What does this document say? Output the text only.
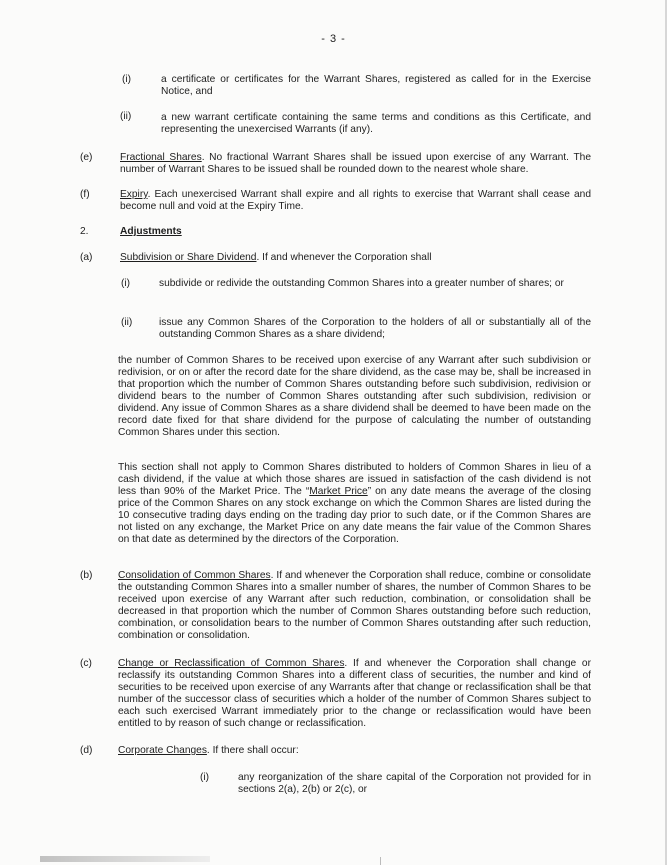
- 3 -
(i)	a certificate or certificates for the Warrant Shares, registered as called for in the Exercise Notice, and
(ii)	a new warrant certificate containing the same terms and conditions as this Certificate, and representing the unexercised Warrants (if any).
(e)	Fractional Shares. No fractional Warrant Shares shall be issued upon exercise of any Warrant. The number of Warrant Shares to be issued shall be rounded down to the nearest whole share.
(f)	Expiry. Each unexercised Warrant shall expire and all rights to exercise that Warrant shall cease and become null and void at the Expiry Time.
2.	Adjustments
(a)	Subdivision or Share Dividend. If and whenever the Corporation shall
(i)	subdivide or redivide the outstanding Common Shares into a greater number of shares; or
(ii)	issue any Common Shares of the Corporation to the holders of all or substantially all of the outstanding Common Shares as a share dividend;
the number of Common Shares to be received upon exercise of any Warrant after such subdivision or redivision, or on or after the record date for the share dividend, as the case may be, shall be increased in that proportion which the number of Common Shares outstanding before such subdivision, redivision or dividend bears to the number of Common Shares outstanding after such subdivision, redivision or dividend. Any issue of Common Shares as a share dividend shall be deemed to have been made on the record date fixed for that share dividend for the purpose of calculating the number of outstanding Common Shares under this section.
This section shall not apply to Common Shares distributed to holders of Common Shares in lieu of a cash dividend, if the value at which those shares are issued in satisfaction of the cash dividend is not less than 90% of the Market Price. The “Market Price” on any date means the average of the closing price of the Common Shares on any stock exchange on which the Common Shares are listed during the 10 consecutive trading days ending on the trading day prior to such date, or if the Common Shares are not listed on any exchange, the Market Price on any date means the fair value of the Common Shares on that date as determined by the directors of the Corporation.
(b)	Consolidation of Common Shares. If and whenever the Corporation shall reduce, combine or consolidate the outstanding Common Shares into a smaller number of shares, the number of Common Shares to be received upon exercise of any Warrant after such reduction, combination, or consolidation shall be decreased in that proportion which the number of Common Shares outstanding before such reduction, combination, or consolidation bears to the number of Common Shares outstanding after such reduction, combination or consolidation.
(c)	Change or Reclassification of Common Shares. If and whenever the Corporation shall change or reclassify its outstanding Common Shares into a different class of securities, the number and kind of securities to be received upon exercise of any Warrants after that change or reclassification shall be that number of the successor class of securities which a holder of the number of Common Shares subject to each such exercised Warrant immediately prior to the change or reclassification would have been entitled to by reason of such change or reclassification.
(d)	Corporate Changes. If there shall occur:
(i)	any reorganization of the share capital of the Corporation not provided for in sections 2(a), 2(b) or 2(c), or
